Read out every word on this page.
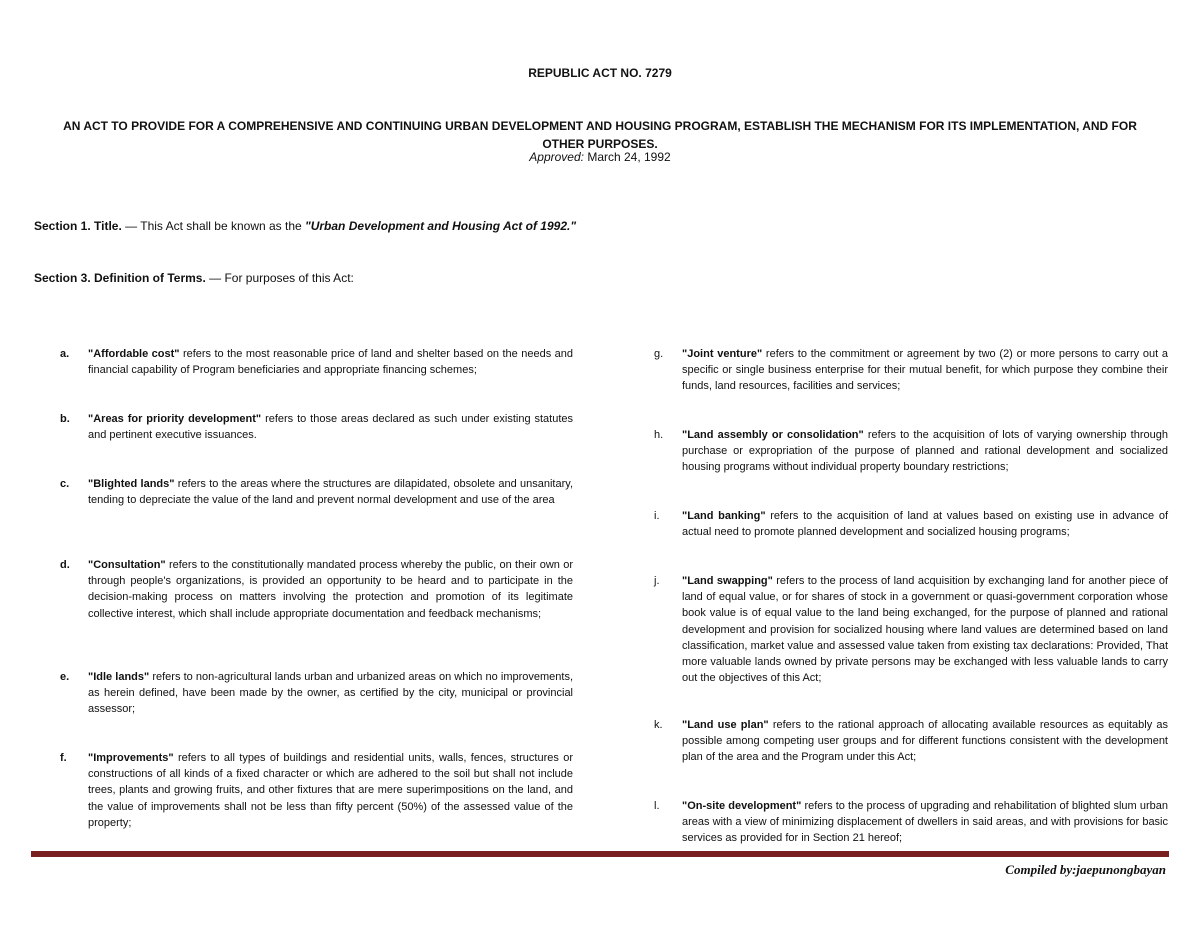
REPUBLIC ACT NO. 7279
AN ACT TO PROVIDE FOR A COMPREHENSIVE AND CONTINUING URBAN DEVELOPMENT AND HOUSING PROGRAM, ESTABLISH THE MECHANISM FOR ITS IMPLEMENTATION, AND FOR OTHER PURPOSES.
Approved: March 24, 1992
Section 1. Title. — This Act shall be known as the "Urban Development and Housing Act of 1992."
Section 3. Definition of Terms. — For purposes of this Act:
a. "Affordable cost" refers to the most reasonable price of land and shelter based on the needs and financial capability of Program beneficiaries and appropriate financing schemes;
b. "Areas for priority development" refers to those areas declared as such under existing statutes and pertinent executive issuances.
c. "Blighted lands" refers to the areas where the structures are dilapidated, obsolete and unsanitary, tending to depreciate the value of the land and prevent normal development and use of the area
d. "Consultation" refers to the constitutionally mandated process whereby the public, on their own or through people's organizations, is provided an opportunity to be heard and to participate in the decision-making process on matters involving the protection and promotion of its legitimate collective interest, which shall include appropriate documentation and feedback mechanisms;
e. "Idle lands" refers to non-agricultural lands urban and urbanized areas on which no improvements, as herein defined, have been made by the owner, as certified by the city, municipal or provincial assessor;
f. "Improvements" refers to all types of buildings and residential units, walls, fences, structures or constructions of all kinds of a fixed character or which are adhered to the soil but shall not include trees, plants and growing fruits, and other fixtures that are mere superimpositions on the land, and the value of improvements shall not be less than fifty percent (50%) of the assessed value of the property;
g. "Joint venture" refers to the commitment or agreement by two (2) or more persons to carry out a specific or single business enterprise for their mutual benefit, for which purpose they combine their funds, land resources, facilities and services;
h. "Land assembly or consolidation" refers to the acquisition of lots of varying ownership through purchase or expropriation of the purpose of planned and rational development and socialized housing programs without individual property boundary restrictions;
i. "Land banking" refers to the acquisition of land at values based on existing use in advance of actual need to promote planned development and socialized housing programs;
j. "Land swapping" refers to the process of land acquisition by exchanging land for another piece of land of equal value, or for shares of stock in a government or quasi-government corporation whose book value is of equal value to the land being exchanged, for the purpose of planned and rational development and provision for socialized housing where land values are determined based on land classification, market value and assessed value taken from existing tax declarations: Provided, That more valuable lands owned by private persons may be exchanged with less valuable lands to carry out the objectives of this Act;
k. "Land use plan" refers to the rational approach of allocating available resources as equitably as possible among competing user groups and for different functions consistent with the development plan of the area and the Program under this Act;
l. "On-site development" refers to the process of upgrading and rehabilitation of blighted slum urban areas with a view of minimizing displacement of dwellers in said areas, and with provisions for basic services as provided for in Section 21 hereof;
Compiled by:jaepunongbayan
